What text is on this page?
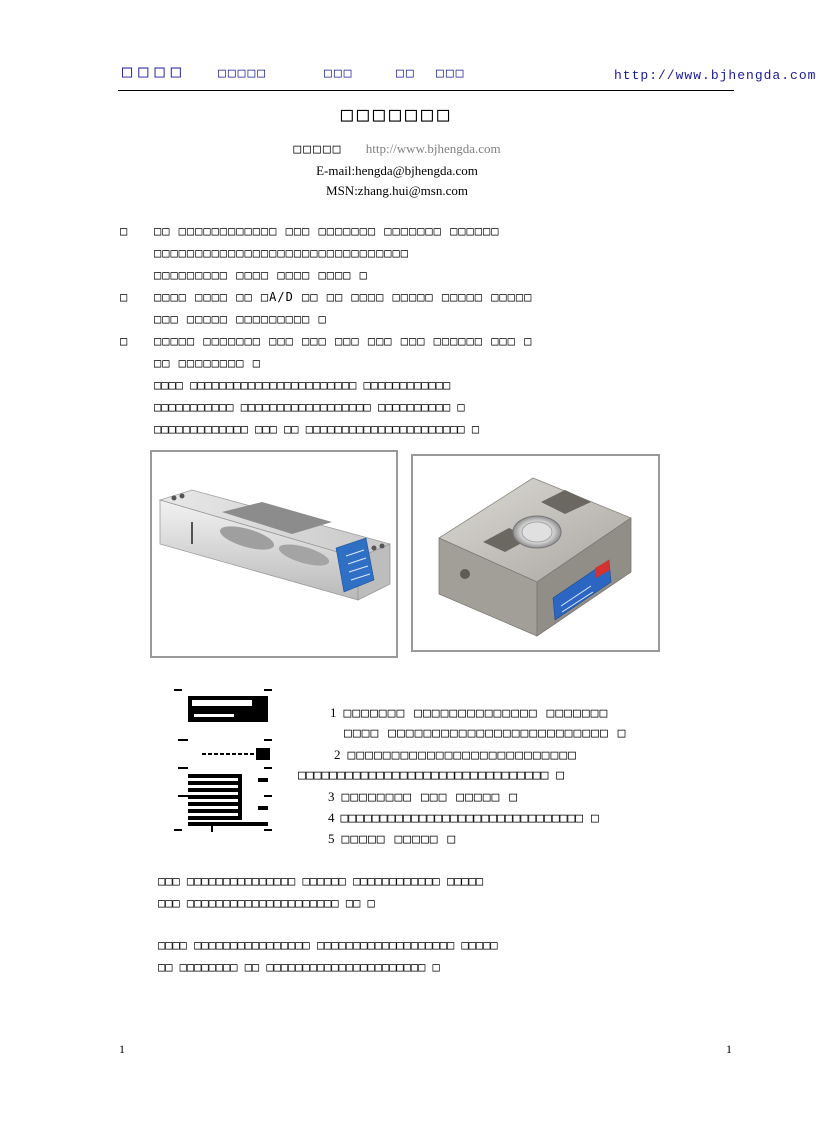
□□□□ □□□□□	□□□	□□ □□□	http://www.bjhengda.com
□□□□□□□
□□□□□ http://www.bjhengda.com
E-mail:hengda@bjhengda.com
MSN:zhang.hui@msn.com
□ □□ □□□□□□□□□□□□ □□□ □□□□□□□ □□□□□□□ □□□□□□
□□□□□□□□□□□□□□□□□□□□□□□□□□□□□□□
□□□□□□□□□ □□□□ □□□□ □□□□ □
□ □□□□ □□□□ □□ □A/D □□ □□ □□□□ □□□□□ □□□□□ □□□□□
□□□ □□□□□ □□□□□□□□□ □
□ □□□□□ □□□□□□□ □□□ □□□ □□□ □□□ □□□ □□□□□□ □□□ □
□□ □□□□□□□□ □
□□□□ □□□□□□□□□□□□□□□□□□□□□□□ □□□□□□□□□□□□
□□□□□□□□□□□ □□□□□□□□□□□□□□□□□□ □□□□□□□□□□ □
□□□□□□□□□□□□□ □□□ □□ □□□□□□□□□□□□□□□□□□□□□□ □
1 □□□□□□□ □□□□□□□□□□□□□□ □□□□□□□
□□□□ □□□□□□□□□□□□□□□□□□□□□□□□□ □
2 □□□□□□□□□□□□□□□□□□□□□□□□□□
□□□□□□□□□□□□□□□□□□□□□□□□□□□□□□□□ □
3 □□□□□□□□ □□□ □□□□□ □
4 □□□□□□□□□□□□□□□□□□□□□□□□□□□□□□□ □
5 □□□□□ □□□□□ □
□□□ □□□□□□□□□□□□□□□ □□□□□□ □□□□□□□□□□□□ □□□□□
□□□ □□□□□□□□□□□□□□□□□□□□□ □□ □
□□□□ □□□□□□□□□□□□□□□□ □□□□□□□□□□□□□□□□□□□ □□□□□
□□ □□□□□□□□ □□ □□□□□□□□□□□□□□□□□□□□□□ □
1	1
